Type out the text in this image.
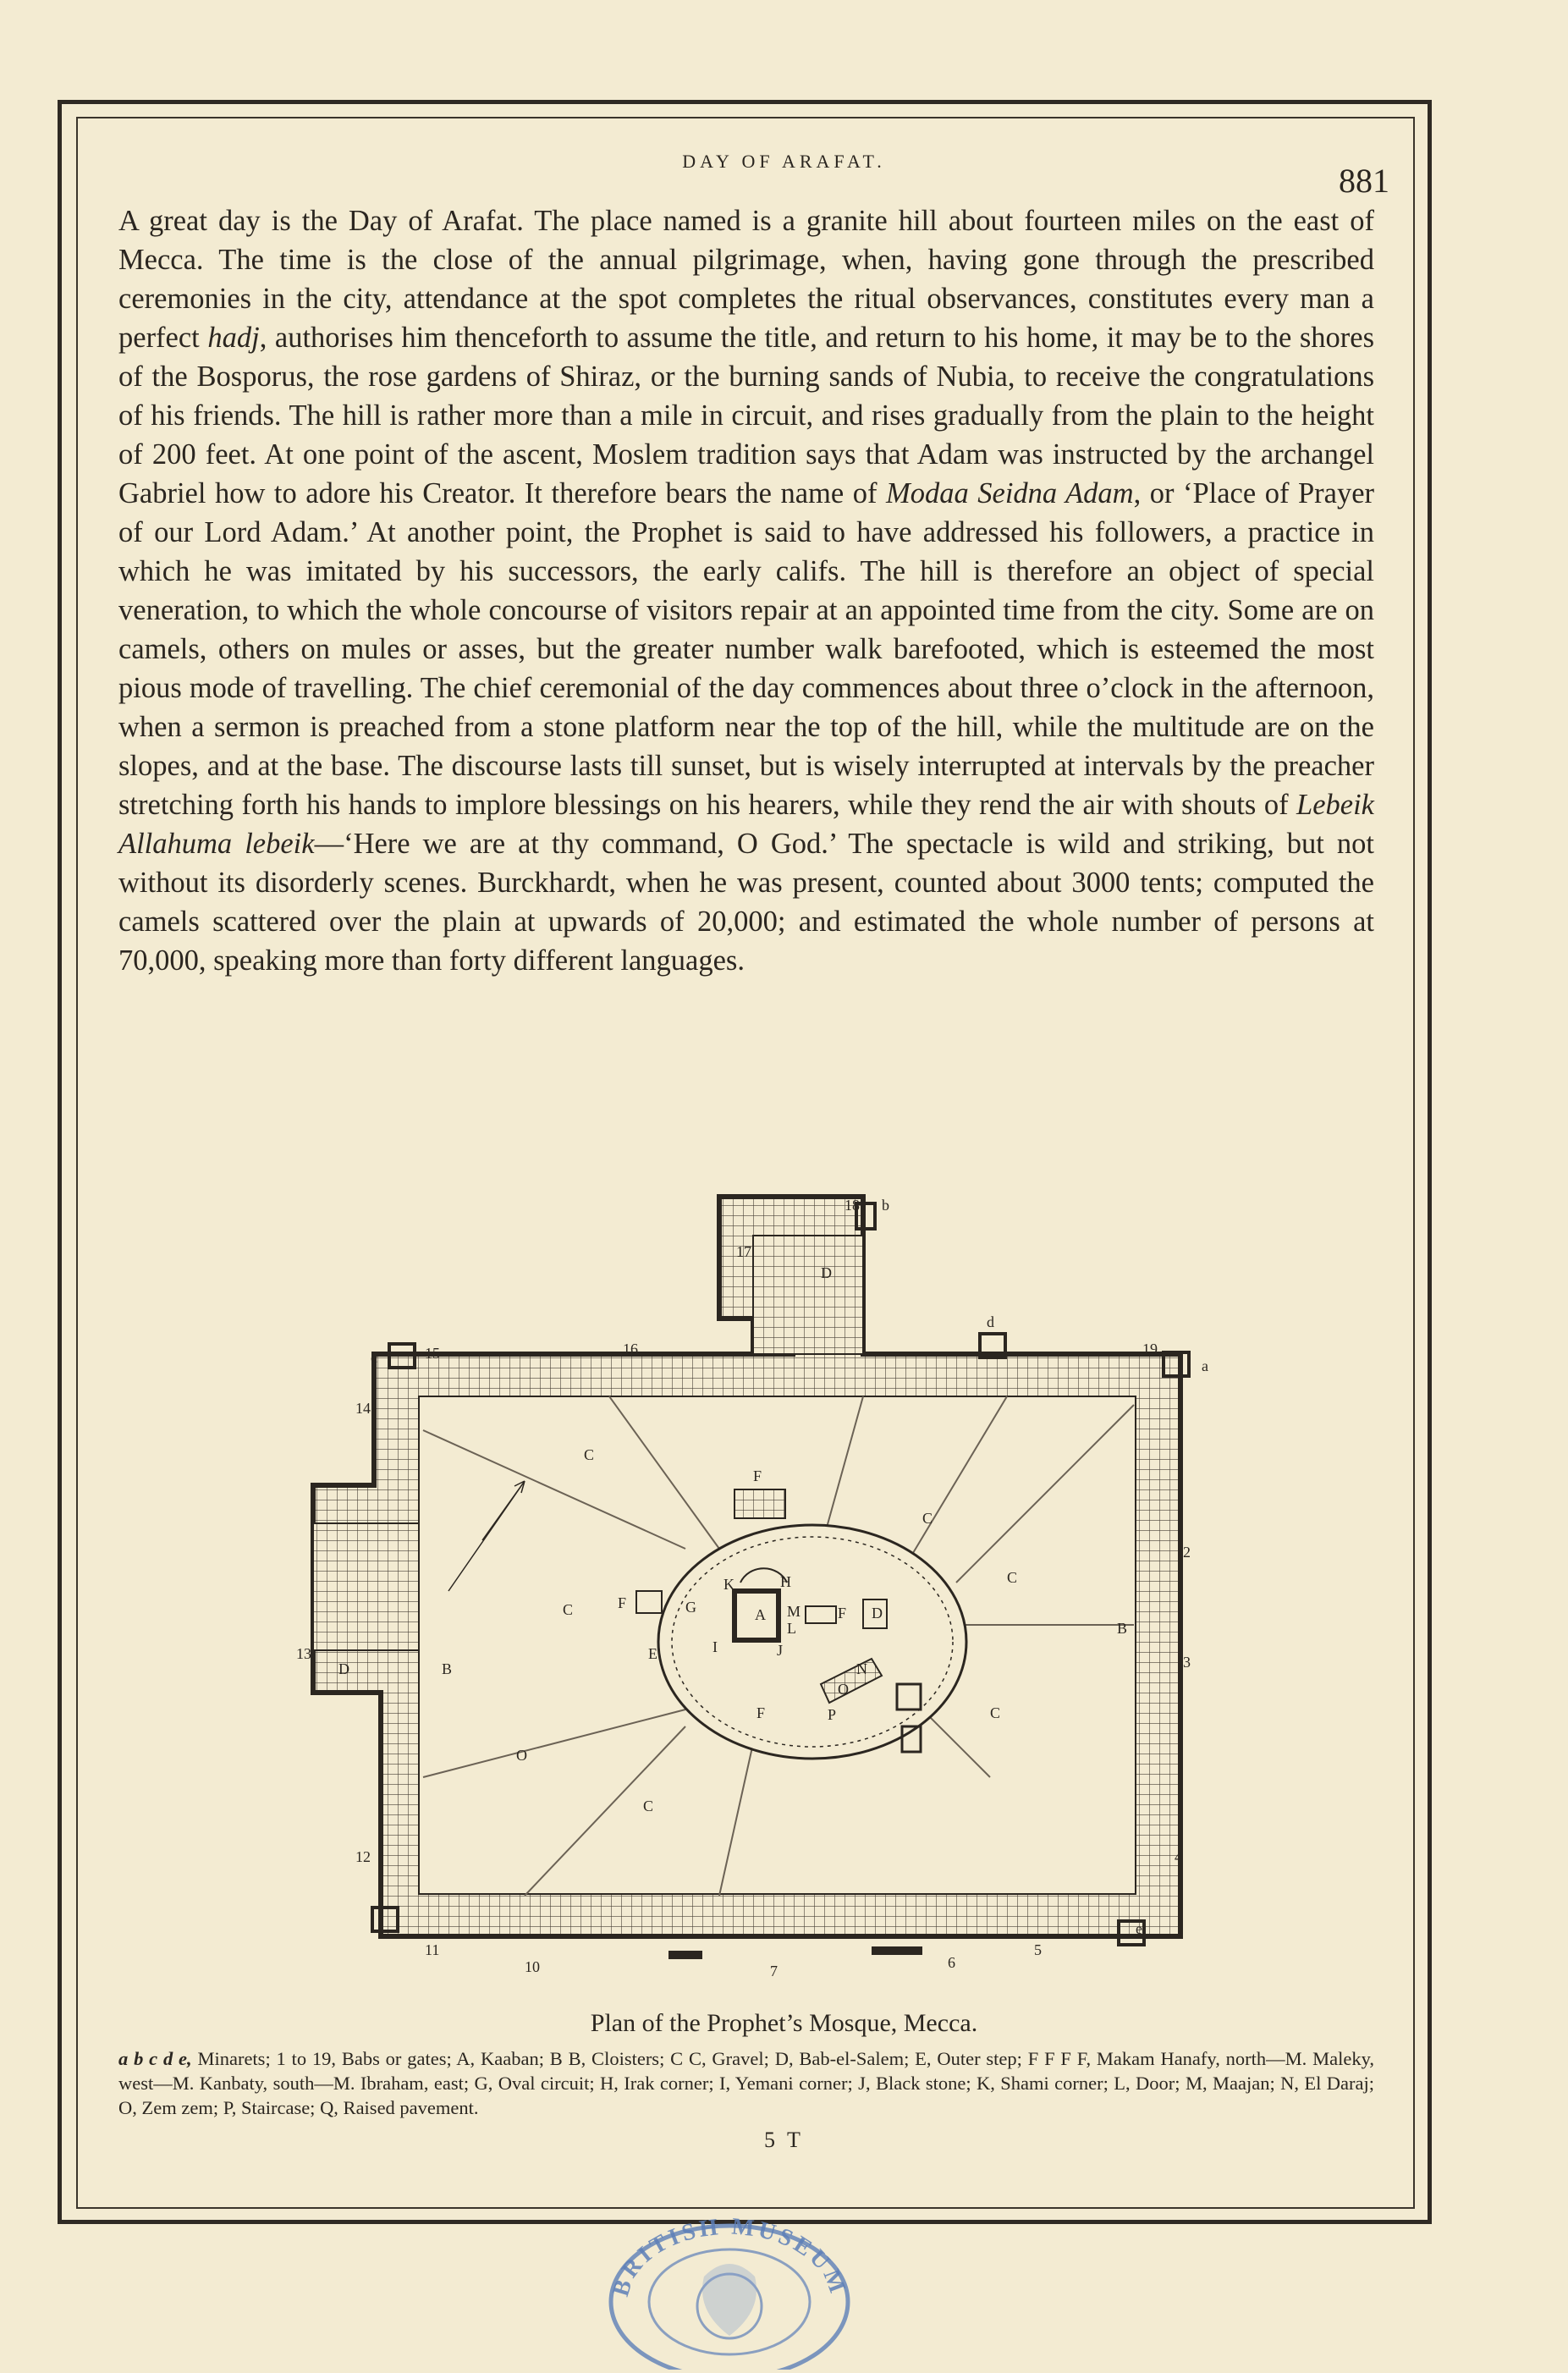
DAY OF ARAFAT.
881
A great day is the Day of Arafat. The place named is a granite hill about fourteen miles on the east of Mecca. The time is the close of the annual pilgrimage, when, having gone through the prescribed ceremonies in the city, attendance at the spot completes the ritual observances, constitutes every man a perfect hadj, authorises him thenceforth to assume the title, and return to his home, it may be to the shores of the Bosporus, the rose gardens of Shiraz, or the burning sands of Nubia, to receive the congratulations of his friends. The hill is rather more than a mile in circuit, and rises gradually from the plain to the height of 200 feet. At one point of the ascent, Moslem tradition says that Adam was instructed by the archangel Gabriel how to adore his Creator. It therefore bears the name of Modaa Seidna Adam, or ‘Place of Prayer of our Lord Adam.’ At another point, the Prophet is said to have addressed his followers, a practice in which he was imitated by his successors, the early califs. The hill is therefore an object of special veneration, to which the whole concourse of visitors repair at an appointed time from the city. Some are on camels, others on mules or asses, but the greater number walk barefooted, which is esteemed the most pious mode of travelling. The chief ceremonial of the day commences about three o’clock in the afternoon, when a sermon is preached from a stone platform near the top of the hill, while the multitude are on the slopes, and at the base. The discourse lasts till sunset, but is wisely interrupted at intervals by the preacher stretching forth his hands to implore blessings on his hearers, while they rend the air with shouts of Lebeik Allahuma lebeik—‘Here we are at thy command, O God.’ The spectacle is wild and striking, but not without its disorderly scenes. Burckhardt, when he was present, counted about 3000 tents; computed the camels scattered over the plain at upwards of 20,000; and estimated the whole number of persons at 70,000, speaking more than forty different languages.
18 b
17
D
d
19
a
c	15	16
14
C
F
C
C
C	F	G
K	H
A M F D
L
I	J
E
N
O
F	P
2
B
3
C
13
D	B
O
C
4
12
e
11
10	7	6
5
Plan of the Prophet’s Mosque, Mecca.
a b c d e, Minarets; 1 to 19, Babs or gates; A, Kaaban; B B, Cloisters; C C, Gravel; D, Bab-el-Salem; E, Outer step; F F F F, Makam Hanafy, north—M. Maleky, west—M. Kanbaty, south—M. Ibraham, east; G, Oval circuit; H, Irak corner; I, Yemani corner; J, Black stone; K, Shami corner; L, Door; M, Maajan; N, El Daraj; O, Zem zem; P, Staircase; Q, Raised pavement.
5 T
BRITISH MUSEUM
